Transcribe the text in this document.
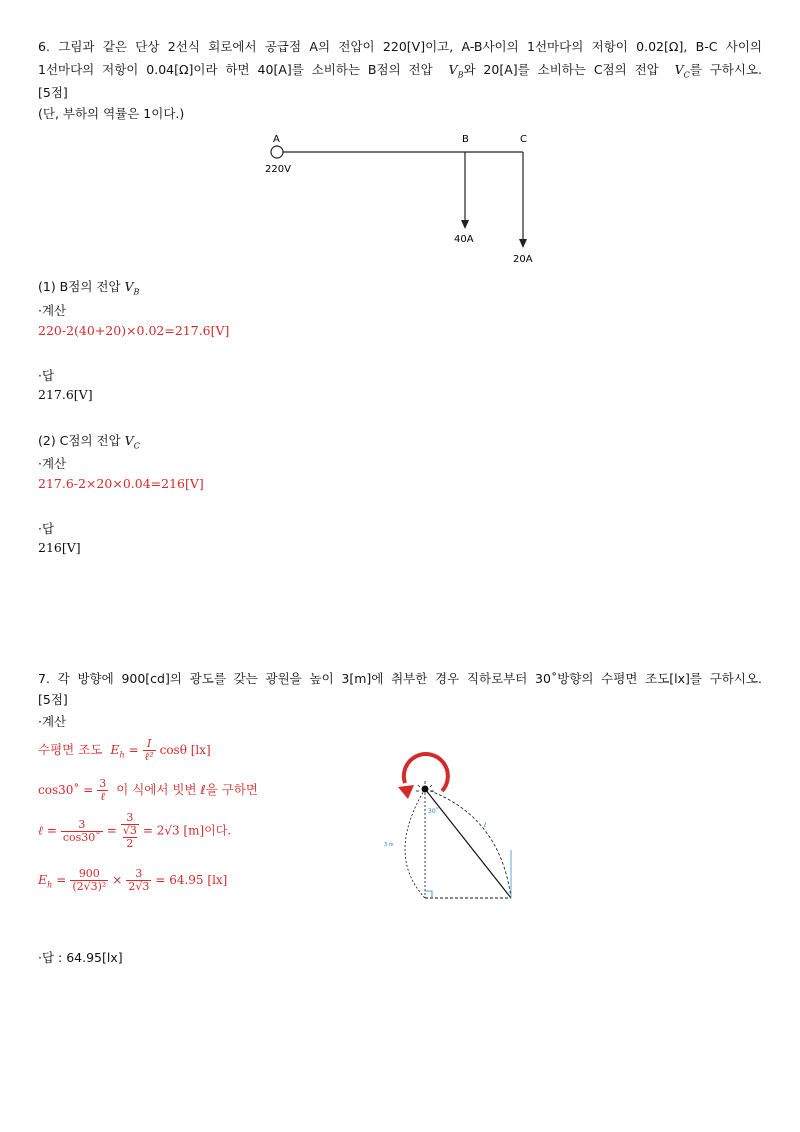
6. 그림과 같은 단상 2선식 회로에서 공급점 A의 전압이 220[V]이고, A-B사이의 1선마다의 저항이 0.02[Ω], B-C 사이의
1선마다의 저항이 0.04[Ω]이라 하면 40[A]를 소비하는 B점의 전압 $V_B$와 20[A]를 소비하는 C점의 전압 $V_C$를 구하시오.
[5점]
(단, 부하의 역률은 1이다.)
A	B	C
220V
40A
20A
(1) B점의 전압 $V_B$
·계산
220-2(40+20)×0.02=217.6[V]
·답
217.6[V]
(2) C점의 전압 $V_C$
·계산
217.6-2×20×0.04=216[V]
·답
216[V]
7. 각 방향에 900[cd]의 광도를 갖는 광원을 높이 3[m]에 취부한 경우 직하로부터 30˚방향의 수평면 조도[lx]를 구하시오.
[5점]
·계산
수평면 조도 $E_h = \frac{I}{\text{ℓ²}}$ cosθ [lx]
cos30˚ = $\frac{3}{\text{ℓ}}$ 이 식에서 빗변 ℓ을 구하면
ℓ = $\frac{3}{\cos 30˚} = 3$
√3
2 = 2√3 [m]이다.
$E_h = \frac{900}{\text{(2√3)²}} \times \frac{3}{2√3} = 64.95$ [lx]
30˚
3 m
ℓ
·답 : 64.95[lx]
